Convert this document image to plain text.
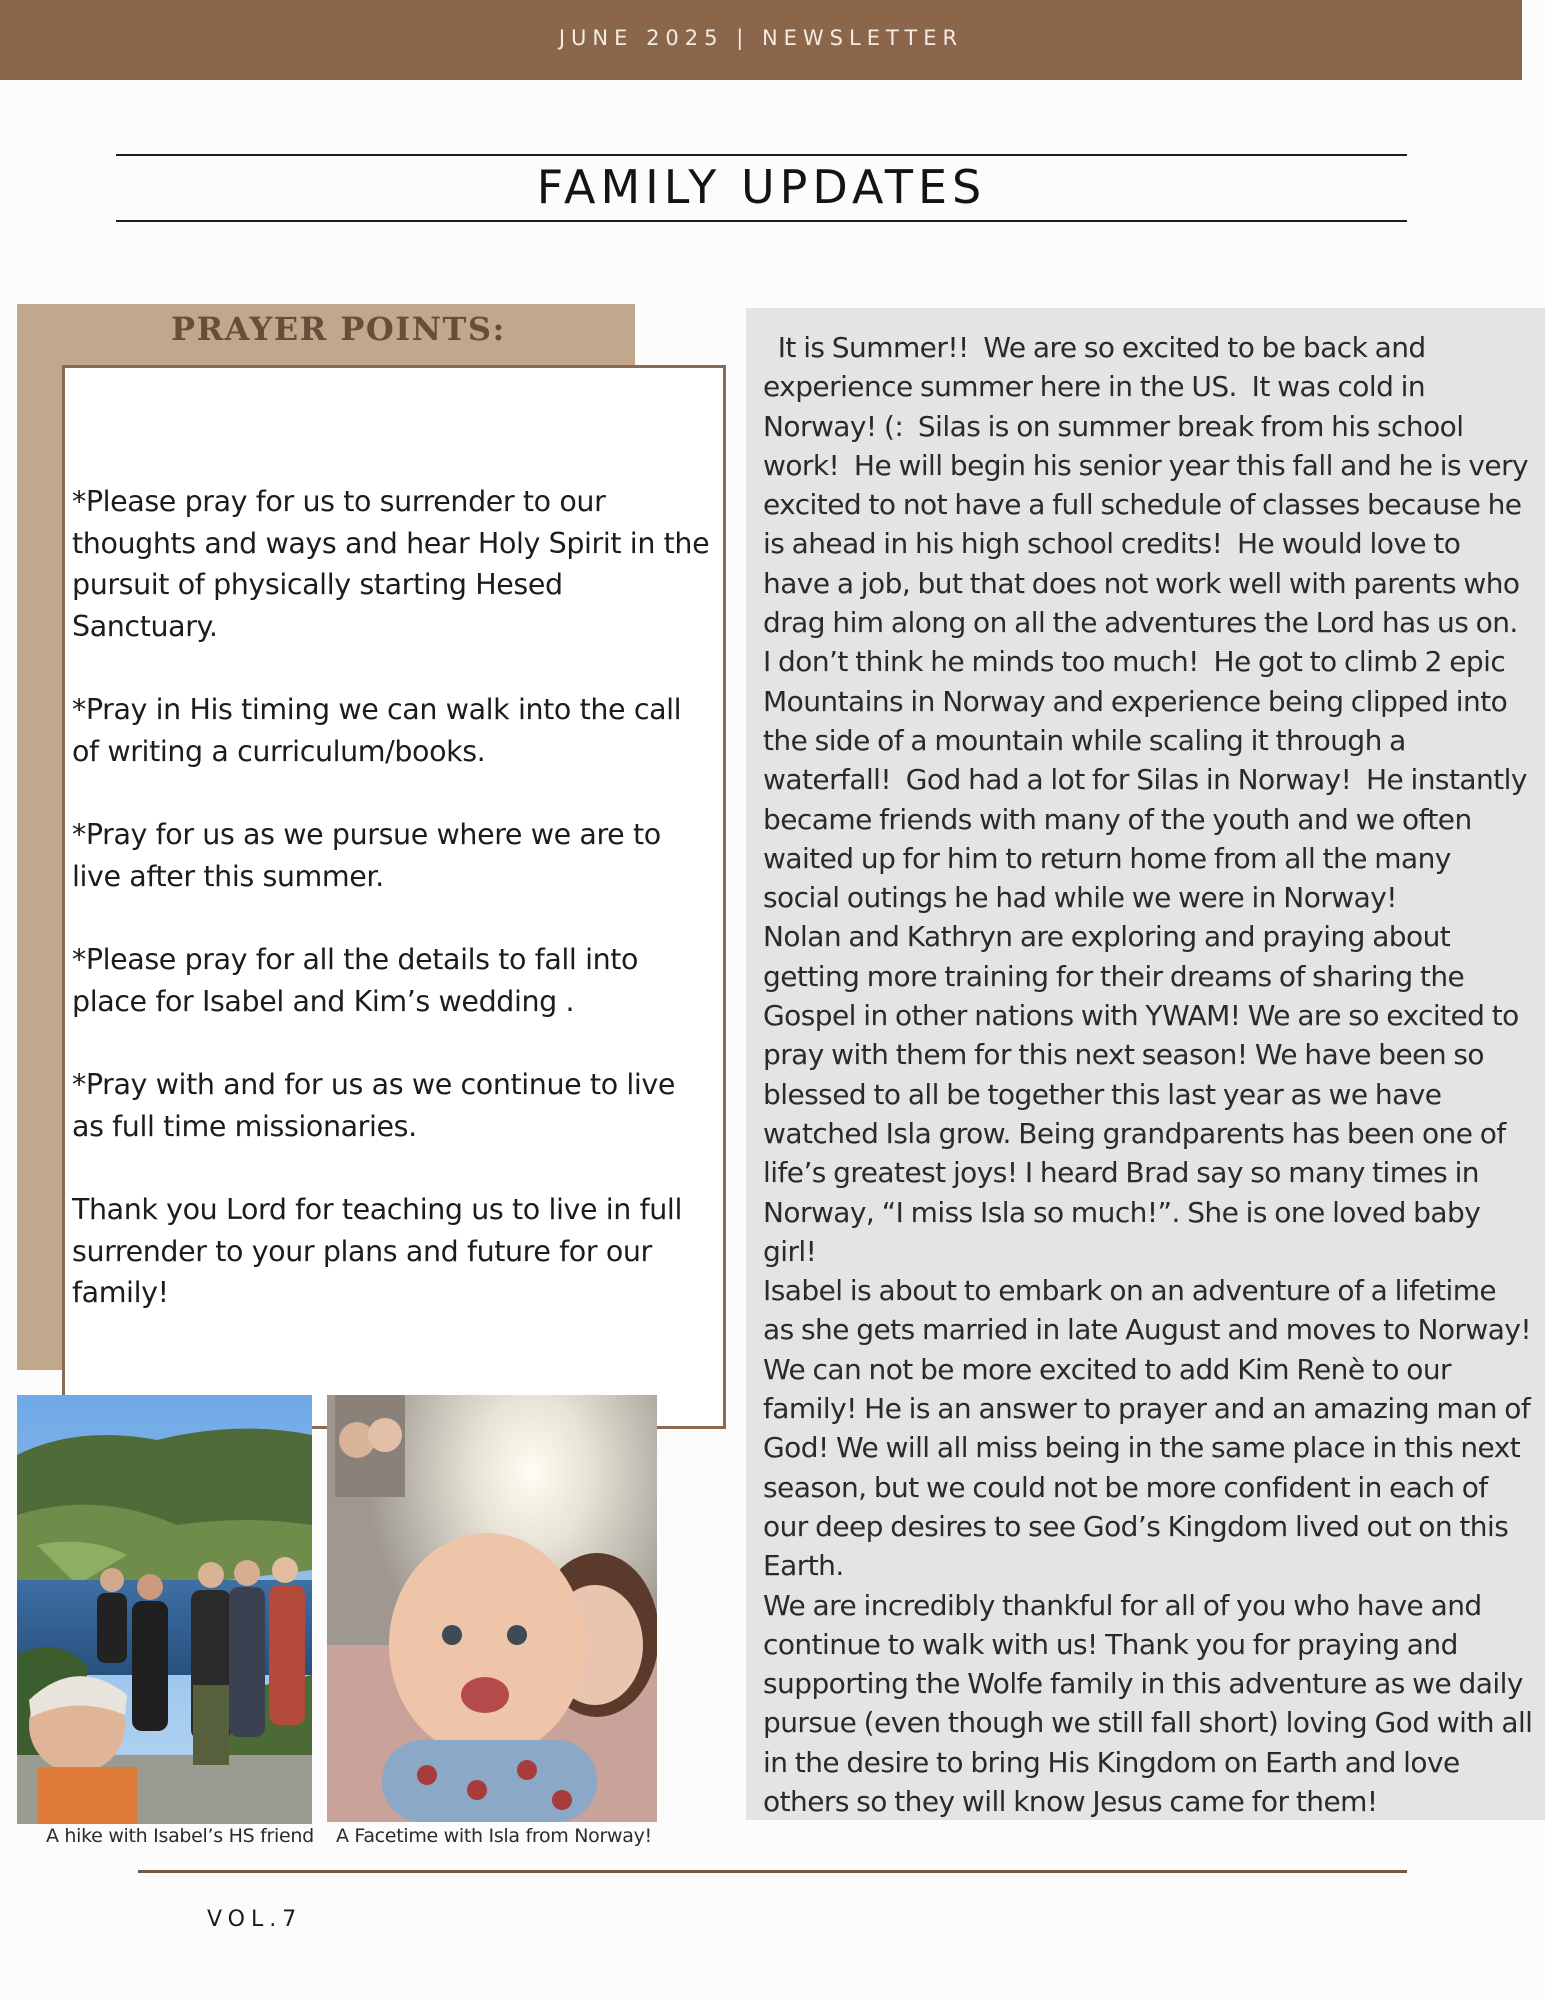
JUNE 2025 | NEWSLETTER
FAMILY UPDATES
PRAYER POINTS:

*Please pray for us to surrender to our thoughts and ways and hear Holy Spirit in the pursuit of physically starting Hesed Sanctuary.

*Pray in His timing we can walk into the call of writing a curriculum/books.

*Pray for us as we pursue where we are to live after this summer.

*Please pray for all the details to fall into place for Isabel and Kim’s wedding .

*Pray with and for us as we continue to live as full time missionaries.

Thank you Lord for teaching us to live in full surrender to your plans and future for our family!

It is Summer!!  We are so excited to be back and experience summer here in the US.  It was cold in Norway! (:  Silas is on summer break from his school work!  He will begin his senior year this fall and he is very excited to not have a full schedule of classes because he is ahead in his high school credits!  He would love to have a job, but that does not work well with parents who drag him along on all the adventures the Lord has us on.  I don’t think he minds too much!  He got to climb 2 epic Mountains in Norway and experience being clipped into the side of a mountain while scaling it through a waterfall!  God had a lot for Silas in Norway!  He instantly became friends with many of the youth and we often waited up for him to return home from all the many social outings he had while we were in Norway!

Nolan and Kathryn are exploring and praying about getting more training for their dreams of sharing the Gospel in other nations with YWAM! We are so excited to pray with them for this next season! We have been so blessed to all be together this last year as we have watched Isla grow. Being grandparents has been one of life’s greatest joys! I heard Brad say so many times in Norway, “I miss Isla so much!”. She is one loved baby girl!

Isabel is about to embark on an adventure of a lifetime as she gets married in late August and moves to Norway! We can not be more excited to add Kim Renè to our family! He is an answer to prayer and an amazing man of God! We will all miss being in the same place in this next season, but we could not be more confident in each of our deep desires to see God’s Kingdom lived out on this Earth.

We are incredibly thankful for all of you who have and continue to walk with us! Thank you for praying and supporting the Wolfe family in this adventure as we daily pursue (even though we still fall short) loving God with all in the desire to bring His Kingdom on Earth and love others so they will know Jesus came for them!

A hike with Isabel’s HS friend A Facetime with Isla from Norway!
VOL.7
